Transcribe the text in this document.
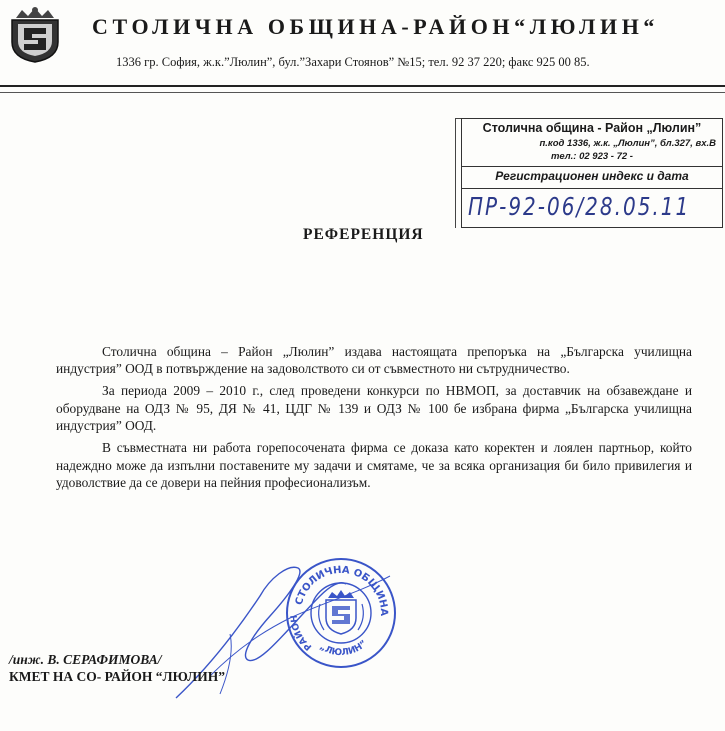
СТОЛИЧНА ОБЩИНА-РАЙОН“ЛЮЛИН“
1336 гр. София, ж.к.”Люлин”, бул.”Захари Стоянов” №15; тел. 92 37 220; факс 925 00 85.
Столична община - Район „Люлин”
п.код 1336, ж.к. „Люлин”, бл.327, вх.В
тел.: 02 923 - 72 -
Регистрационен индекс и дата
ПР-92-06/28.05.11
РЕФЕРЕНЦИЯ

Столична община – Район „Люлин” издава настоящата препоръка на „Българска училищна индустрия” ООД в потвърждение на задоволството си от съвместното ни сътрудничество.

За периода 2009 – 2010 г., след проведени конкурси по НВМОП, за доставчик на обзавеждане и оборудване на ОДЗ № 95, ДЯ № 41, ЦДГ № 139 и ОДЗ № 100 бе избрана фирма „Българска училищна индустрия” ООД.

В съвместната ни работа горепосочената фирма се доказа като коректен и лоялен партньор, който надеждно може да изпълни поставените му задачи и смятаме, че за всяка организация би било привилегия и удоволствие да се довери на пейния професионализъм.

СТОЛИЧНА ОБЩИНА
„ЛЮЛИН”
РАЙОН
/инж. В. СЕРАФИМОВА/
КМЕТ НА СО- РАЙОН “ЛЮЛИН”
